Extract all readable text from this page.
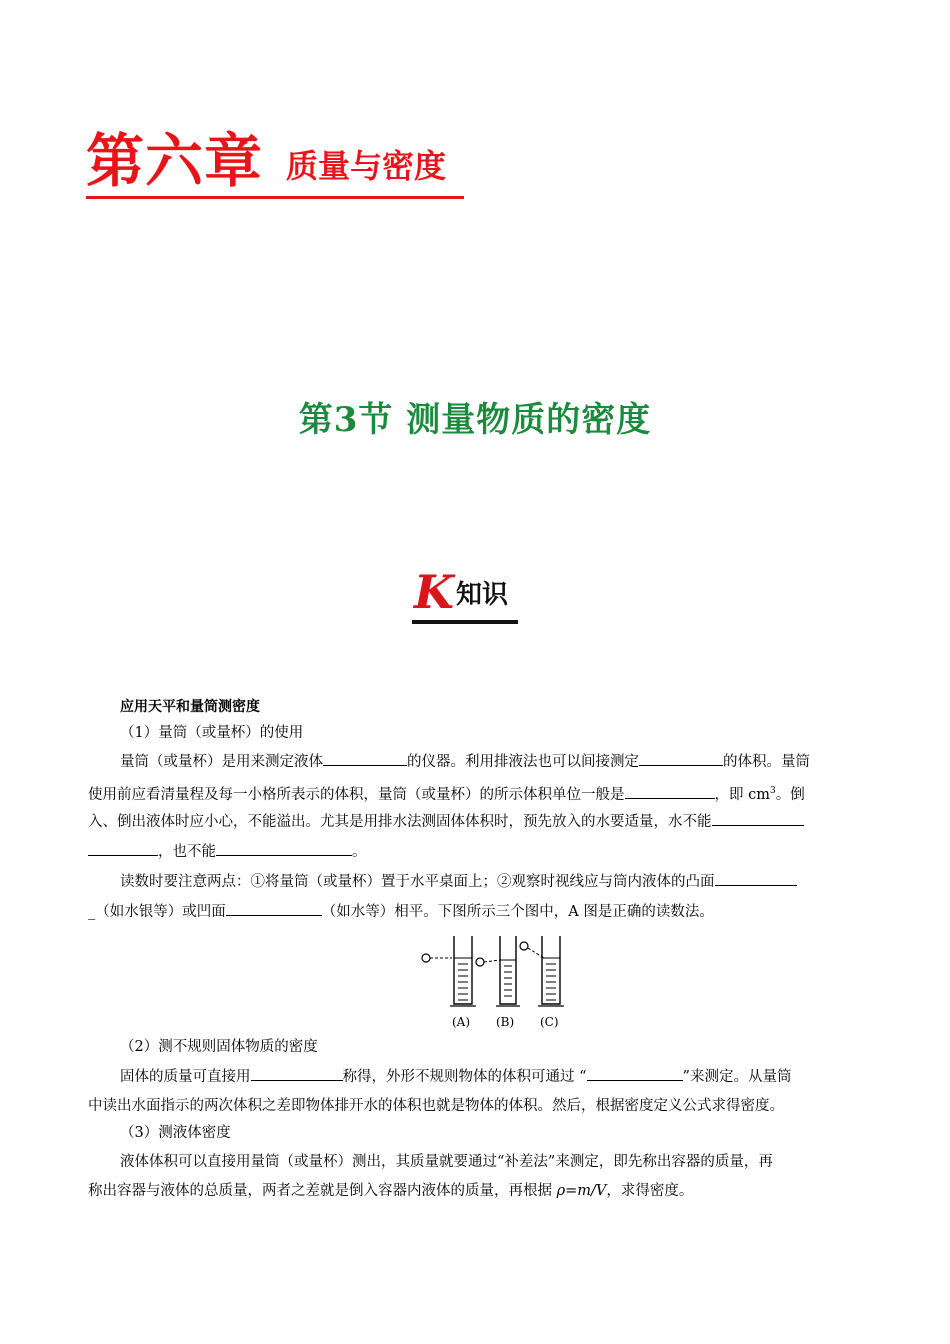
第六章 质量与密度
第3节 测量物质的密度
K 知识
应用天平和量筒测密度
（1）量筒（或量杯）的使用
量筒（或量杯）是用来测定液体	的仪器。利用排液法也可以间接测定	的体积。量筒
使用前应看清量程及每一小格所表示的体积，量筒（或量杯）的所示体积单位一般是	，即 $cm^3$。倒
入、倒出液体时应小心，不能溢出。尤其是用排水法测固体体积时，预先放入的水要适量，水不能
，也不能	。
读数时要注意两点：①将量筒（或量杯）置于水平桌面上；②观察时视线应与筒内液体的凸面
_（如水银等）或凹面	（如水等）相平。下图所示三个图中，A 图是正确的读数法。
(A) (B) (C)
（2）测不规则固体物质的密度
固体的质量可直接用	称得，外形不规则物体的体积可通过 “	”来测定。从量筒
中读出水面指示的两次体积之差即物体排开水的体积也就是物体的体积。然后，根据密度定义公式求得密度。
（3）测液体密度
液体体积可以直接用量筒（或量杯）测出，其质量就要通过“补差法”来测定，即先称出容器的质量，再
称出容器与液体的总质量，两者之差就是倒入容器内液体的质量，再根据 ρ=m/V，求得密度。
